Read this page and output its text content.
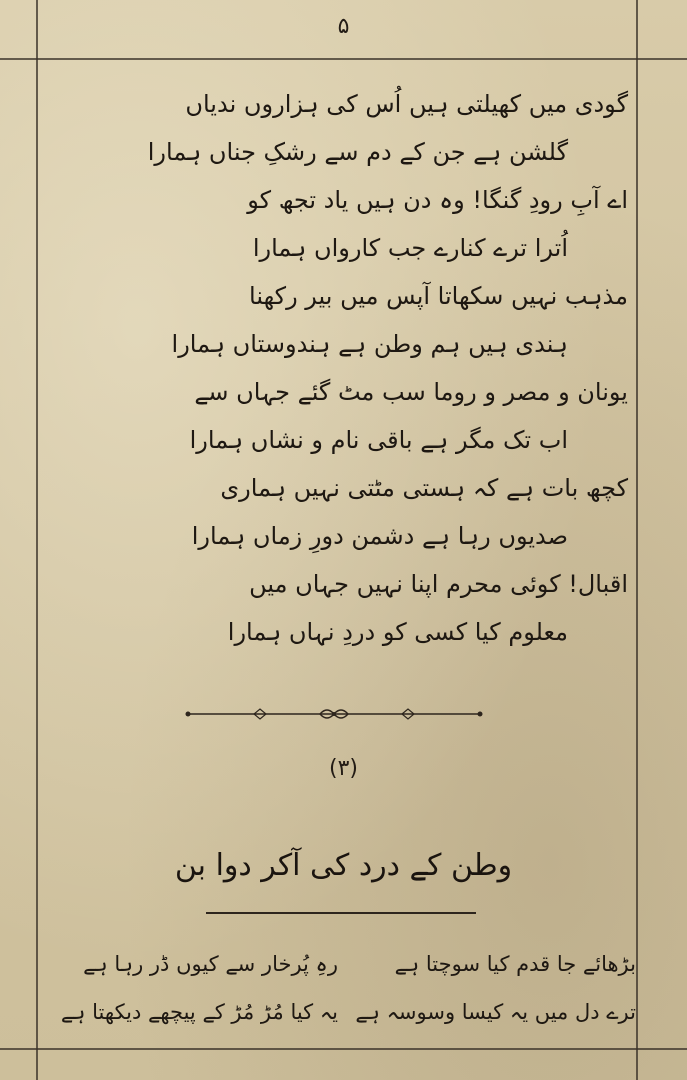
۵
گودی میں کھیلتی ہیں اُس کی ہزاروں ندیاں
گلشن ہے جن کے دم سے رشکِ جناں ہمارا
اے آبِ رودِ گنگا! وہ دن ہیں یاد تجھ کو
اُترا ترے کنارے جب کارواں ہمارا
مذہب نہیں سکھاتا آپس میں بیر رکھنا
ہندی ہیں ہم وطن ہے ہندوستاں ہمارا
یونان و مصر و روما سب مٹ گئے جہاں سے
اب تک مگر ہے باقی نام و نشاں ہمارا
کچھ بات ہے کہ ہستی مٹتی نہیں ہماری
صدیوں رہا ہے دشمن دورِ زماں ہمارا
اقبال! کوئی محرم اپنا نہیں جہاں میں
معلوم کیا کسی کو دردِ نہاں ہمارا
(۳)
وطن کے درد کی آکر دوا بن
بڑھائے جا قدم کیا سوچتا ہے
رہِ پُرخار سے کیوں ڈر رہا ہے
ترے دل میں یہ کیسا وسوسہ ہے
یہ کیا مُڑ مُڑ کے پیچھے دیکھتا ہے
